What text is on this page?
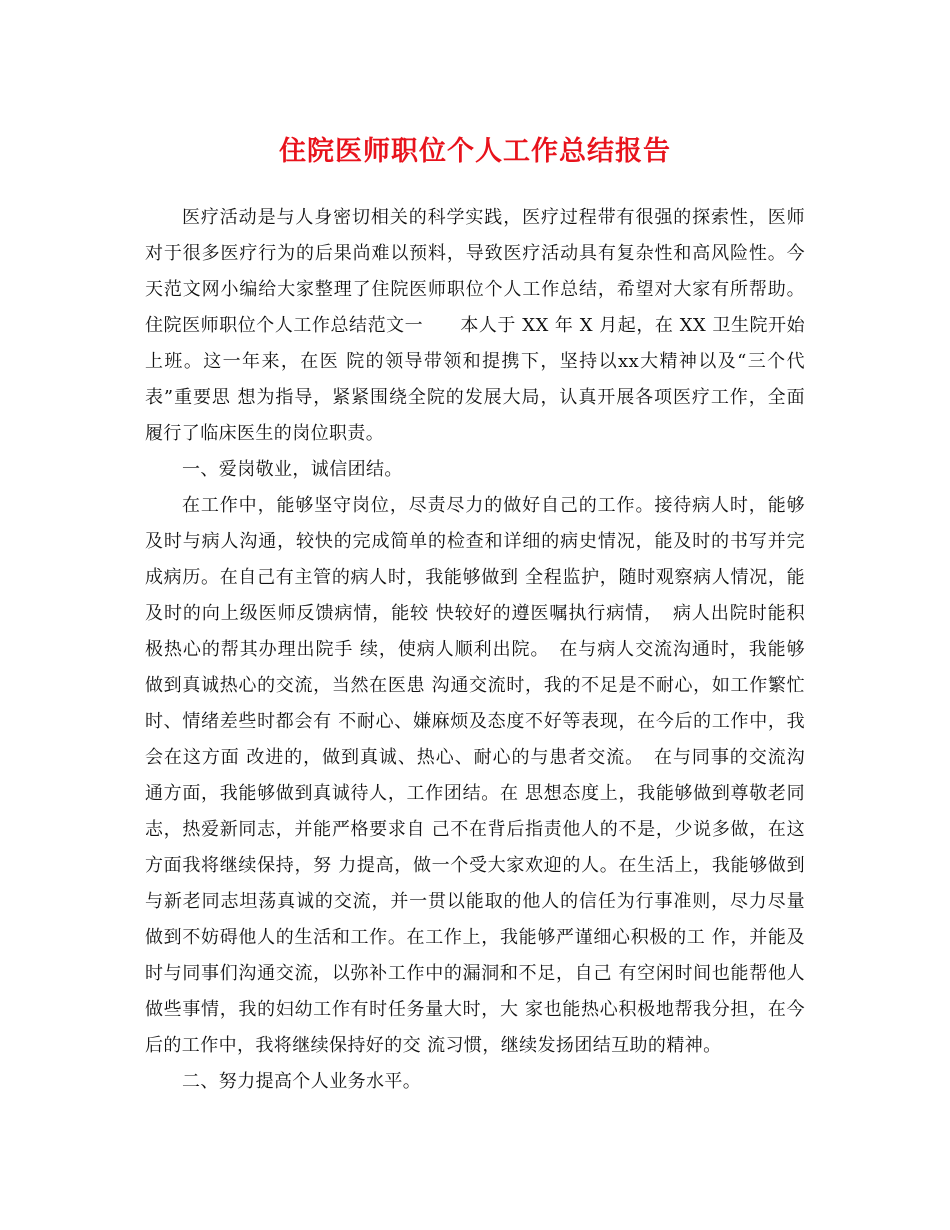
住院医师职位个人工作总结报告
医疗活动是与人身密切相关的科学实践，医疗过程带有很强的探索性，医师
对于很多医疗行为的后果尚难以预料，导致医疗活动具有复杂性和高风险性。今
天范文网小编给大家整理了住院医师职位个人工作总结，希望对大家有所帮助。
住院医师职位个人工作总结范文一　　本人于 XX 年 X 月起，在 XX 卫生院开始
上班。这一年来，在医 院的领导带领和提携下，坚持以xx大精神以及“三个代
表”重要思 想为指导，紧紧围绕全院的发展大局，认真开展各项医疗工作，全面
履行了临床医生的岗位职责。
一、爱岗敬业，诚信团结。
在工作中，能够坚守岗位，尽责尽力的做好自己的工作。接待病人时，能够
及时与病人沟通，较快的完成简单的检查和详细的病史情况，能及时的书写并完
成病历。在自己有主管的病人时，我能够做到 全程监护，随时观察病人情况，能
及时的向上级医师反馈病情，能较 快较好的遵医嘱执行病情，　病人出院时能积
极热心的帮其办理出院手 续，使病人顺利出院。　在与病人交流沟通时，我能够
做到真诚热心的交流，当然在医患 沟通交流时，我的不足是不耐心，如工作繁忙
时、情绪差些时都会有 不耐心、嫌麻烦及态度不好等表现，在今后的工作中，我
会在这方面 改进的，做到真诚、热心、耐心的与患者交流。　在与同事的交流沟
通方面，我能够做到真诚待人，工作团结。在 思想态度上，我能够做到尊敬老同
志，热爱新同志，并能严格要求自 己不在背后指责他人的不是，少说多做，在这
方面我将继续保持，努 力提高，做一个受大家欢迎的人。在生活上，我能够做到
与新老同志坦荡真诚的交流，并一贯以能取的他人的信任为行事准则，尽力尽量
做到不妨碍他人的生活和工作。在工作上，我能够严谨细心积极的工 作，并能及
时与同事们沟通交流，以弥补工作中的漏洞和不足，自己 有空闲时间也能帮他人
做些事情，我的妇幼工作有时任务量大时，大 家也能热心积极地帮我分担，在今
后的工作中，我将继续保持好的交 流习惯，继续发扬团结互助的精神。
二、努力提高个人业务水平。
